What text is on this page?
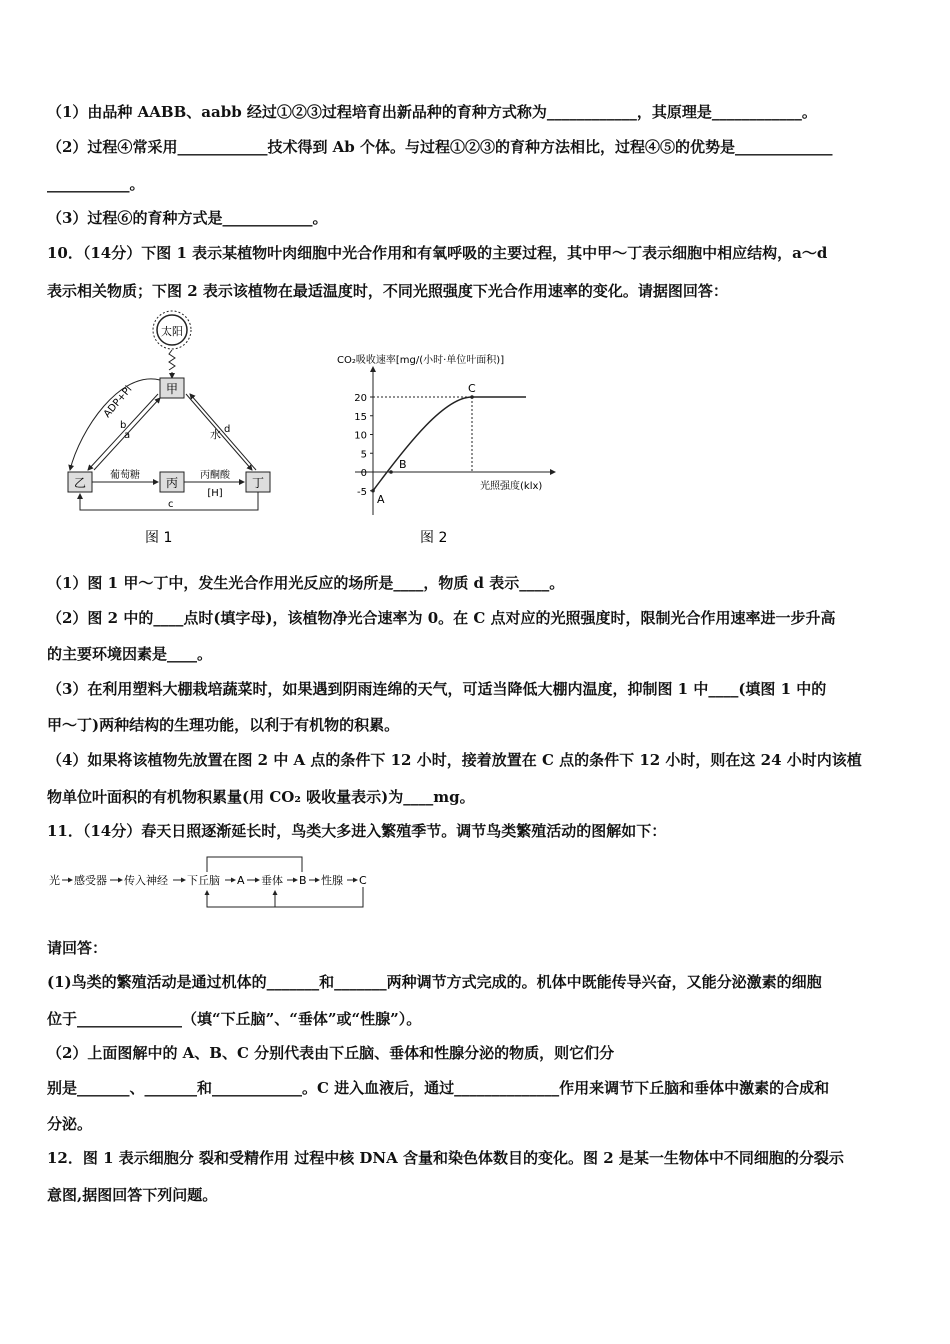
（1）由品种 AABB、aabb 经过①②③过程培育出新品种的育种方式称为____________，其原理是____________。
（2）过程④常采用____________技术得到 Ab 个体。与过程①②③的育种方法相比，过程④⑤的优势是_____________
___________。
（3）过程⑥的育种方式是____________。
10．（14分）下图 1 表示某植物叶肉细胞中光合作用和有氧呼吸的主要过程，其中甲～丁表示细胞中相应结构，a～d
表示相关物质；下图 2 表示该植物在最适温度时，不同光照强度下光合作用速率的变化。请据图回答：
太阳
甲
乙	丙	丁
ADP+Pi
b
a	水 d
葡萄糖	丙酮酸
[H]
c
图 1
CO₂吸收速率[mg/(小时·单位叶面积)]
光照强度(klx)
-5
0
5
10
15
20
A
B
C
图 2
（1）图 1 甲～丁中，发生光合作用光反应的场所是____，物质 d 表示____。
（2）图 2 中的____点时(填字母)，该植物净光合速率为 0。在 C 点对应的光照强度时，限制光合作用速率进一步升高
的主要环境因素是____。
（3）在利用塑料大棚栽培蔬菜时，如果遇到阴雨连绵的天气，可适当降低大棚内温度，抑制图 1 中____(填图 1 中的
甲～丁)两种结构的生理功能，以利于有机物的积累。
（4）如果将该植物先放置在图 2 中 A 点的条件下 12 小时，接着放置在 C 点的条件下 12 小时，则在这 24 小时内该植
物单位叶面积的有机物积累量(用 CO₂ 吸收量表示)为____mg。
11．（14分）春天日照逐渐延长时，鸟类大多进入繁殖季节。调节鸟类繁殖活动的图解如下：
光 感受器 传入神经 下丘脑 A 垂体 B 性腺 C
请回答：
(1)鸟类的繁殖活动是通过机体的_______和_______两种调节方式完成的。机体中既能传导兴奋，又能分泌激素的细胞
位于______________（填“下丘脑”、“垂体”或“性腺”）。
（2）上面图解中的 A、B、C 分别代表由下丘脑、垂体和性腺分泌的物质，则它们分
别是_______、_______和____________。C 进入血液后，通过______________作用来调节下丘脑和垂体中激素的合成和
分泌。
12．图 1 表示细胞分 裂和受精作用 过程中核 DNA 含量和染色体数目的变化。图 2 是某一生物体中不同细胞的分裂示
意图,据图回答下列问题。
